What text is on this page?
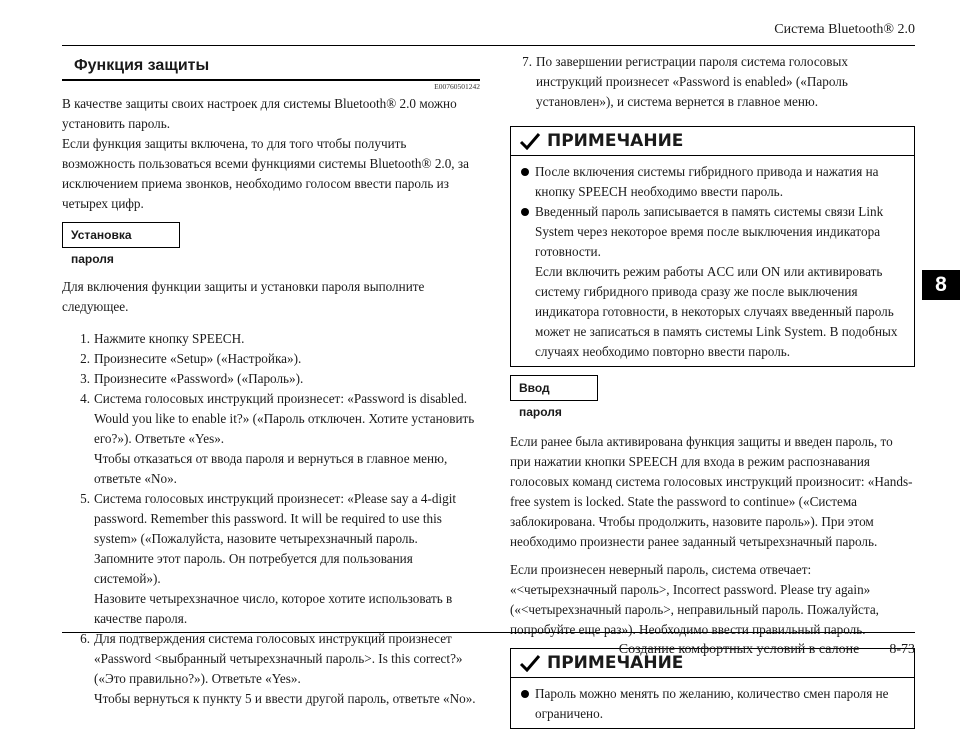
Система Bluetooth® 2.0
8
Функция защиты
E00760501242

В качестве защиты своих настроек для системы Bluetooth® 2.0 можно установить пароль.
Если функция защиты включена, то для того чтобы получить возможность пользоваться всеми функциями системы Bluetooth® 2.0, за исключением приема звонков, необходимо голосом ввести пароль из четырех цифр.

Установка пароля

Для включения функции защиты и установки пароля выполните следующее.

1. Нажмите кнопку SPEECH.
2. Произнесите «Setup» («Настройка»).
3. Произнесите «Password» («Пароль»).
4. Система голосовых инструкций произнесет: «Password is disabled. Would you like to enable it?» («Пароль отключен. Хотите установить его?»). Ответьте «Yes».
Чтобы отказаться от ввода пароля и вернуться в главное меню, ответьте «No».
5. Система голосовых инструкций произнесет: «Please say a 4-digit password. Remember this password. It will be required to use this system» («Пожалуйста, назовите четырехзначный пароль. Запомните этот пароль. Он потребуется для пользования системой»).
Назовите четырехзначное число, которое хотите использовать в качестве пароля.
6. Для подтверждения система голосовых инструкций произнесет «Password <выбранный четырехзначный пароль>. Is this correct?» («Это правильно?»). Ответьте «Yes».
Чтобы вернуться к пункту 5 и ввести другой пароль, ответьте «No».
7. По завершении регистрации пароля система голосовых инструкций произнесет «Password is enabled» («Пароль установлен»), и система вернется в главное меню.
ПРИМЕЧАНИЕ
После включения системы гибридного привода и нажатия на кнопку SPEECH необходимо ввести пароль.
Введенный пароль записывается в память системы связи Link System через некоторое время после выключения индикатора готовности.
Если включить режим работы ACC или ON или активировать систему гибридного привода сразу же после выключения индикатора готовности, в некоторых случаях введенный пароль может не записаться в память системы Link System. В подобных случаях необходимо повторно ввести пароль.
Ввод пароля

Если ранее была активирована функция защиты и введен пароль, то при нажатии кнопки SPEECH для входа в режим распознавания голосовых команд система голосовых инструкций произносит: «Hands-free system is locked. State the password to continue» («Система заблокирована. Чтобы продолжить, назовите пароль»). При этом необходимо произнести ранее заданный четырехзначный пароль.

Если произнесен неверный пароль, система отвечает: «<четырехзначный пароль>, Incorrect password. Please try again» («<четырехзначный пароль>, неправильный пароль. Пожалуйста, попробуйте еще раз»). Необходимо ввести правильный пароль.

ПРИМЕЧАНИЕ
Пароль можно менять по желанию, количество смен пароля не ограничено.
Создание комфортных условий в салоне 8-73
